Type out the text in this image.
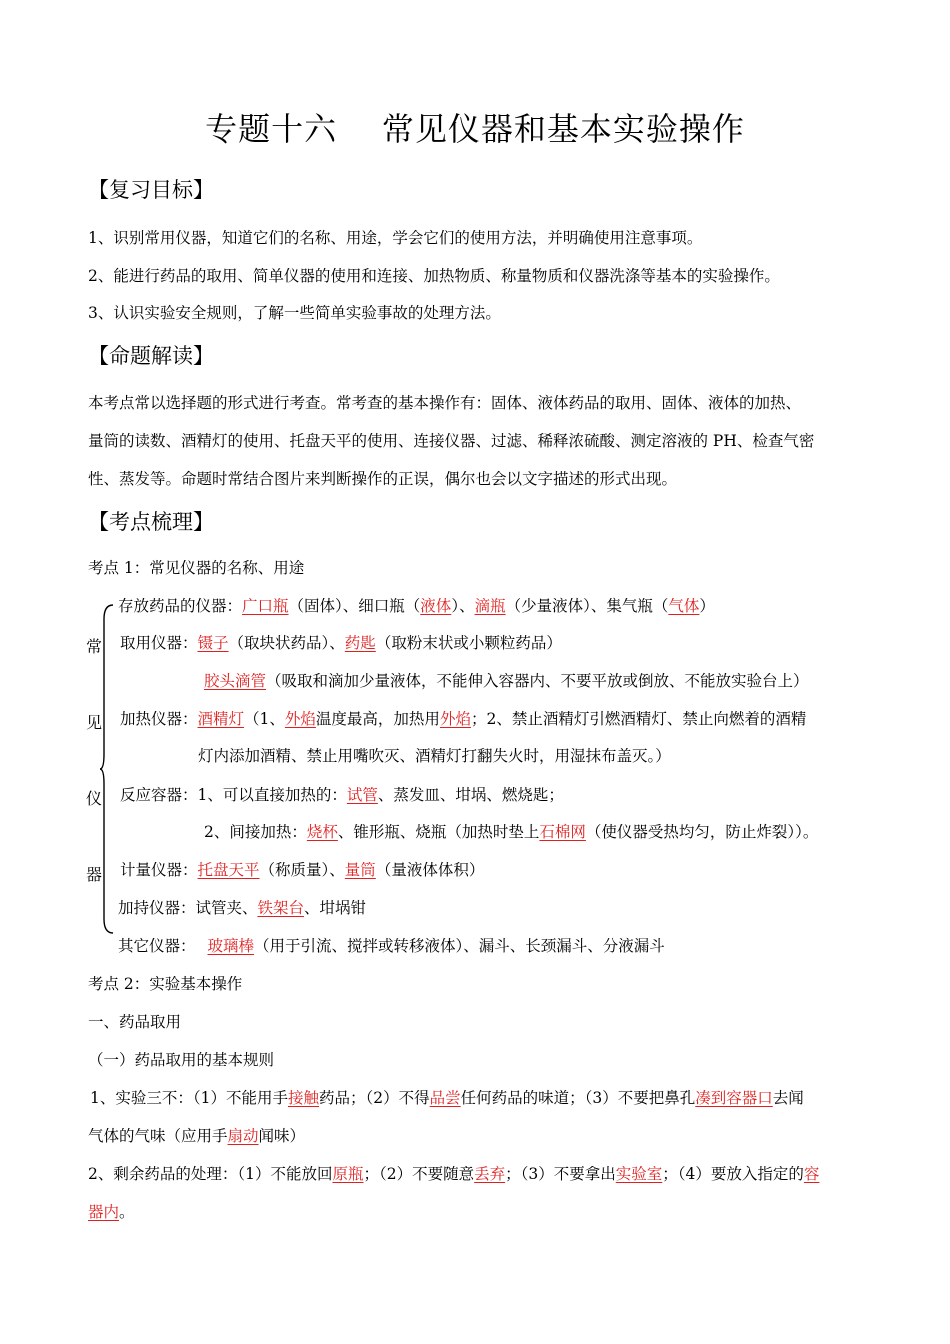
专题十六    常见仪器和基本实验操作
【复习目标】
1、识别常用仪器，知道它们的名称、用途，学会它们的使用方法，并明确使用注意事项。
2、能进行药品的取用、简单仪器的使用和连接、加热物质、称量物质和仪器洗涤等基本的实验操作。
3、认识实验安全规则，了解一些简单实验事故的处理方法。
【命题解读】
本考点常以选择题的形式进行考查。常考查的基本操作有：固体、液体药品的取用、固体、液体的加热、
量筒的读数、酒精灯的使用、托盘天平的使用、连接仪器、过滤、稀释浓硫酸、测定溶液的 PH、检查气密
性、蒸发等。命题时常结合图片来判断操作的正误，偶尔也会以文字描述的形式出现。
【考点梳理】
考点 1：常见仪器的名称、用途
常
见
仪
器
存放药品的仪器：广口瓶（固体）、细口瓶（液体）、滴瓶（少量液体）、集气瓶（气体）
取用仪器：镊子（取块状药品）、药匙（取粉末状或小颗粒药品）
胶头滴管（吸取和滴加少量液体，不能伸入容器内、不要平放或倒放、不能放实验台上）
加热仪器：酒精灯（1、外焰温度最高，加热用外焰；2、禁止酒精灯引燃酒精灯、禁止向燃着的酒精
灯内添加酒精、禁止用嘴吹灭、酒精灯打翻失火时，用湿抹布盖灭。）
反应容器：1、可以直接加热的：试管、蒸发皿、坩埚、燃烧匙；
2、间接加热：烧杯、锥形瓶、烧瓶（加热时垫上石棉网（使仪器受热均匀，防止炸裂））。
计量仪器：托盘天平（称质量）、量筒（量液体体积）
加持仪器：试管夹、铁架台、坩埚钳
其它仪器： 玻璃棒（用于引流、搅拌或转移液体）、漏斗、长颈漏斗、分液漏斗
考点 2：实验基本操作
一、药品取用
（一）药品取用的基本规则
1、实验三不：（1）不能用手接触药品；（2）不得品尝任何药品的味道；（3）不要把鼻孔凑到容器口去闻
气体的气味（应用手扇动闻味）
2、剩余药品的处理：（1）不能放回原瓶；（2）不要随意丢弃；（3）不要拿出实验室；（4）要放入指定的容
器内。
